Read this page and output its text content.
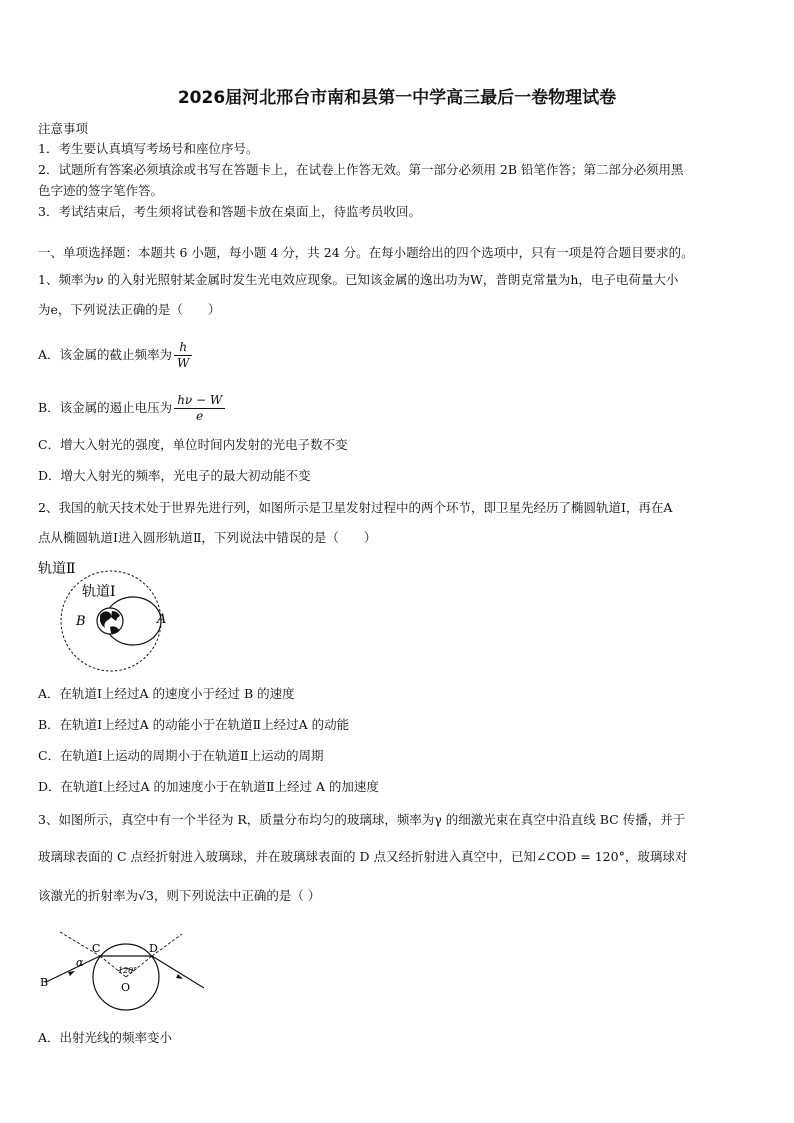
2026届河北邢台市南和县第一中学高三最后一卷物理试卷
注意事项
1．考生要认真填写考场号和座位序号。
2．试题所有答案必须填涂或书写在答题卡上，在试卷上作答无效。第一部分必须用 2B 铅笔作答；第二部分必须用黑
色字迹的签字笔作答。
3．考试结束后，考生须将试卷和答题卡放在桌面上，待监考员收回。
一、单项选择题：本题共 6 小题，每小题 4 分，共 24 分。在每小题给出的四个选项中，只有一项是符合题目要求的。
1、频率为ν 的入射光照射某金属时发生光电效应现象。已知该金属的逸出功为W，普朗克常量为h，电子电荷量大小
为e，下列说法正确的是（　　）
A．该金属的截止频率为 $\frac{h}{W}$
B．该金属的遏止电压为 $\frac{h\nu - W}{e}$
C．增大入射光的强度，单位时间内发射的光电子数不变
D．增大入射光的频率，光电子的最大初动能不变
2、我国的航天技术处于世界先进行列，如图所示是卫星发射过程中的两个环节，即卫星先经历了椭圆轨道Ⅰ，再在A
点从椭圆轨道Ⅰ进入圆形轨道Ⅱ，下列说法中错误的是（　　）
轨道Ⅱ
轨道Ⅰ
B	A
A．在轨道Ⅰ上经过A 的速度小于经过 B 的速度
B．在轨道Ⅰ上经过A 的动能小于在轨道Ⅱ上经过A 的动能
C．在轨道Ⅰ上运动的周期小于在轨道Ⅱ上运动的周期
D．在轨道Ⅰ上经过A 的加速度小于在轨道Ⅱ上经过 A 的加速度
3、如图所示，真空中有一个半径为 R，质量分布均匀的玻璃球，频率为γ 的细激光束在真空中沿直线 BC 传播，并于
玻璃球表面的 C 点经折射进入玻璃球，并在玻璃球表面的 D 点又经折射进入真空中，已知∠COD = 120°，玻璃球对
该激光的折射率为√3，则下列说法中正确的是（ ）
B
C	D
O
α
120°
A．出射光线的频率变小
